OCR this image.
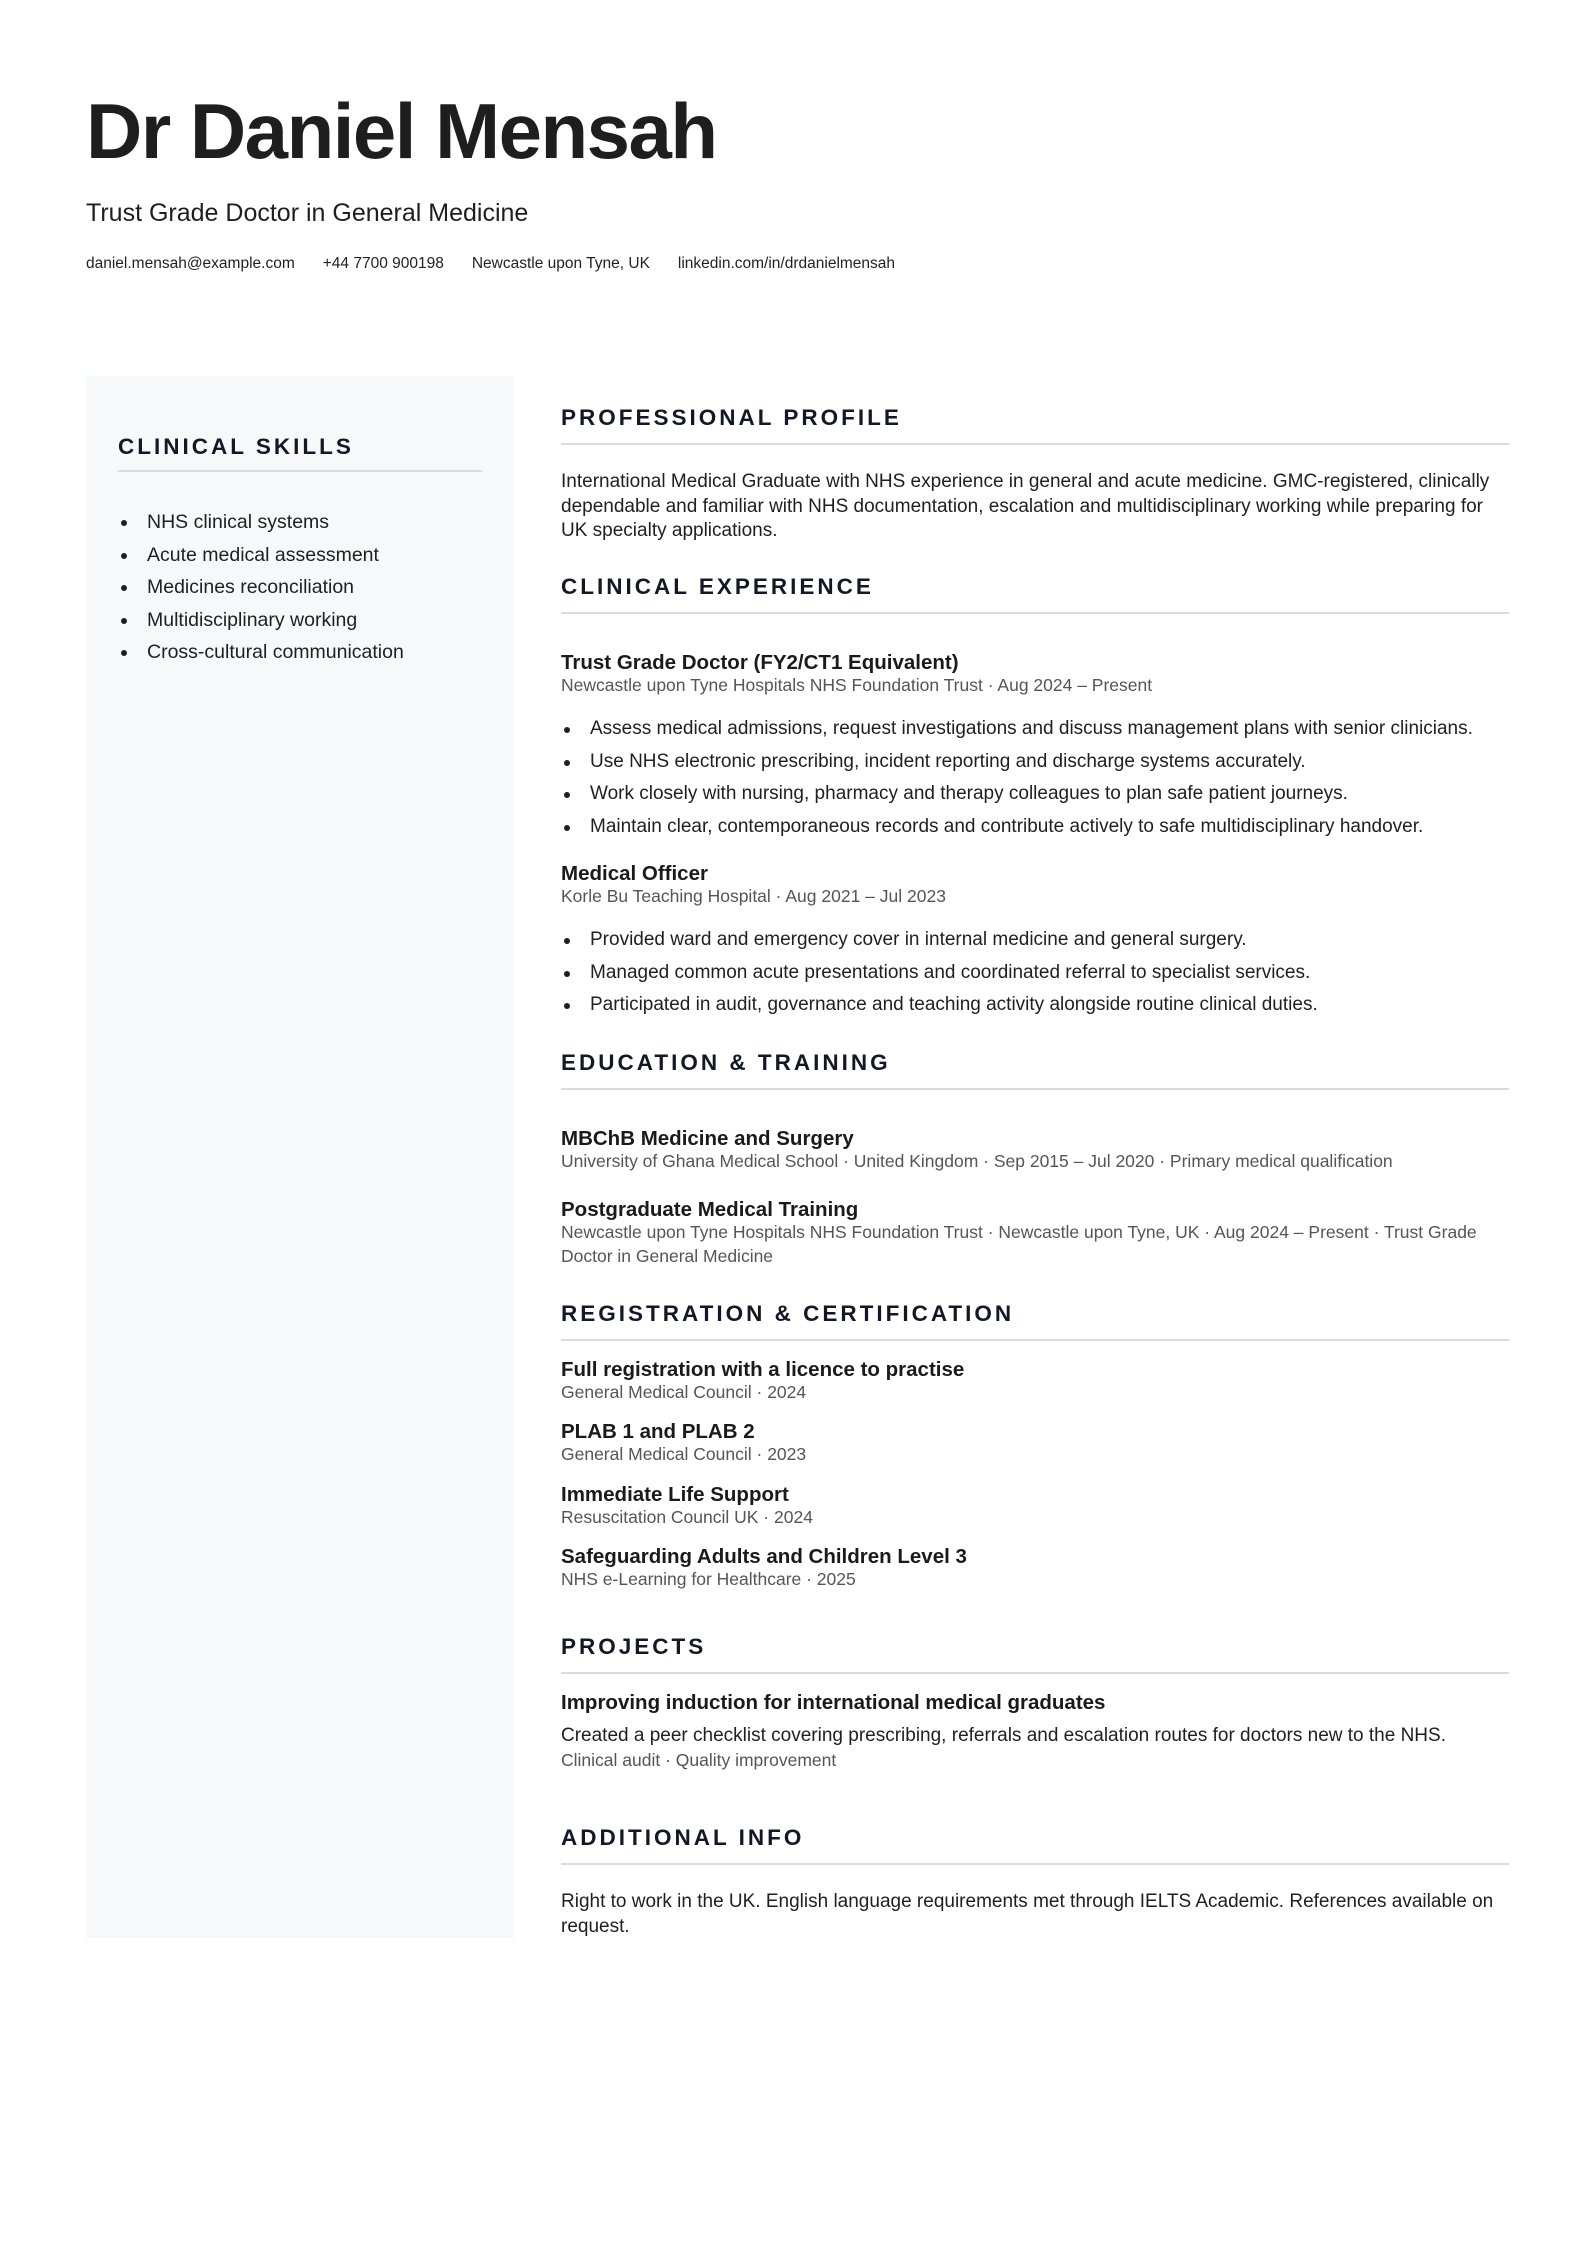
Dr Daniel Mensah

Trust Grade Doctor in General Medicine

daniel.mensah@example.com +44 7700 900198 Newcastle upon Tyne, UK linkedin.com/in/drdanielmensah
CLINICAL SKILLS
NHS clinical systems
Acute medical assessment
Medicines reconciliation
Multidisciplinary working
Cross-cultural communication
PROFESSIONAL PROFILE

International Medical Graduate with NHS experience in general and acute medicine. GMC-registered, clinically dependable and familiar with NHS documentation, escalation and multidisciplinary working while preparing for UK specialty applications.

CLINICAL EXPERIENCE
Trust Grade Doctor (FY2/CT1 Equivalent)

Newcastle upon Tyne Hospitals NHS Foundation Trust · Aug 2024 – Present

Assess medical admissions, request investigations and discuss management plans with senior clinicians.
Use NHS electronic prescribing, incident reporting and discharge systems accurately.
Work closely with nursing, pharmacy and therapy colleagues to plan safe patient journeys.
Maintain clear, contemporaneous records and contribute actively to safe multidisciplinary handover.
Medical Officer

Korle Bu Teaching Hospital · Aug 2021 – Jul 2023

Provided ward and emergency cover in internal medicine and general surgery.
Managed common acute presentations and coordinated referral to specialist services.
Participated in audit, governance and teaching activity alongside routine clinical duties.
EDUCATION & TRAINING
MBChB Medicine and Surgery

University of Ghana Medical School · United Kingdom · Sep 2015 – Jul 2020 · Primary medical qualification

Postgraduate Medical Training

Newcastle upon Tyne Hospitals NHS Foundation Trust · Newcastle upon Tyne, UK · Aug 2024 – Present · Trust Grade Doctor in General Medicine

REGISTRATION & CERTIFICATION
Full registration with a licence to practise

General Medical Council · 2024

PLAB 1 and PLAB 2

General Medical Council · 2023

Immediate Life Support

Resuscitation Council UK · 2024

Safeguarding Adults and Children Level 3

NHS e-Learning for Healthcare · 2025

PROJECTS
Improving induction for international medical graduates

Created a peer checklist covering prescribing, referrals and escalation routes for doctors new to the NHS.

Clinical audit · Quality improvement

ADDITIONAL INFO

Right to work in the UK. English language requirements met through IELTS Academic. References available on request.
